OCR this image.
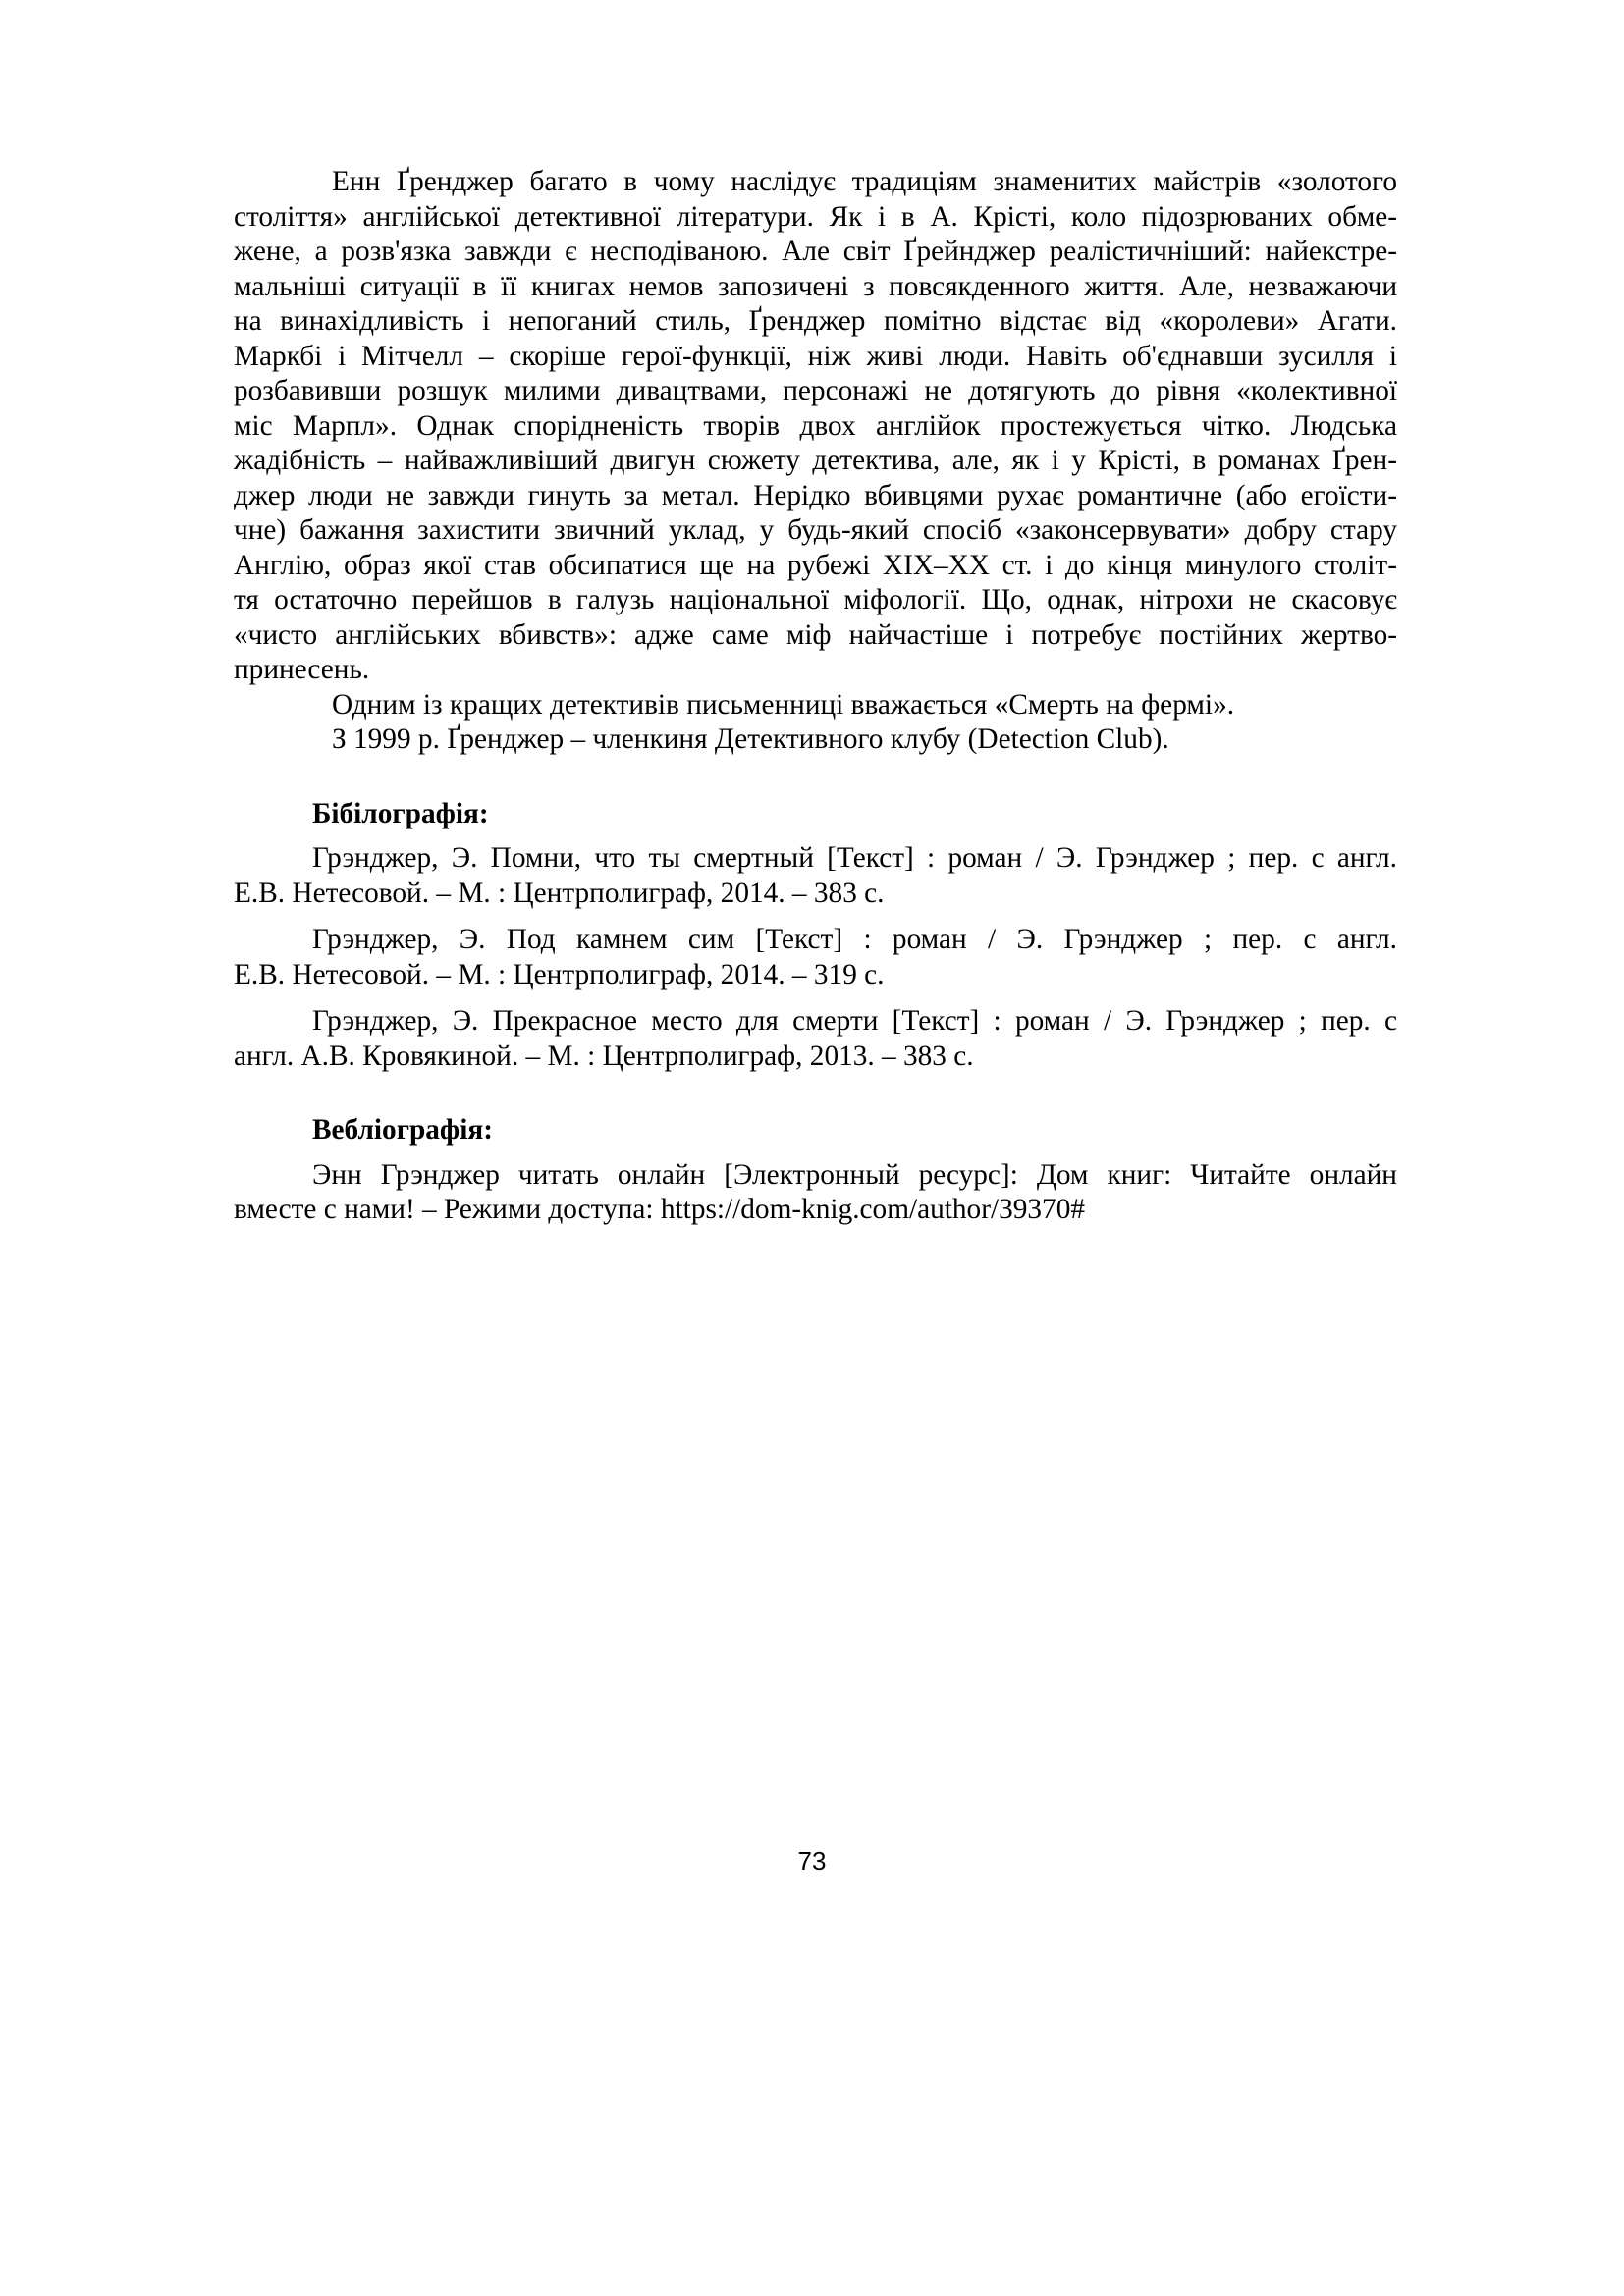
Енн Ґренджер багато в чому наслідує традиціям знаменитих майстрів «золотого
століття» англійської детективної літератури. Як і в А. Крісті, коло підозрюваних обме-
жене, а розв'язка завжди є несподіваною. Але світ Ґрейнджер реалістичніший: найекстре-
мальніші ситуації в її книгах немов запозичені з повсякденного життя. Але, незважаючи
на винахідливість і непоганий стиль, Ґренджер помітно відстає від «королеви» Агати.
Маркбі і Мітчелл – скоріше герої-функції, ніж живі люди. Навіть об'єднавши зусилля і
розбавивши розшук милими дивацтвами, персонажі не дотягують до рівня «колективної
міс Марпл». Однак спорідненість творів двох англійок простежується чітко. Людська
жадібність – найважливіший двигун сюжету детектива, але, як і у Крісті, в романах Ґрен-
джер люди не завжди гинуть за метал. Нерідко вбивцями рухає романтичне (або егоїсти-
чне) бажання захистити звичний уклад, у будь-який спосіб «законсервувати» добру стару
Англію, образ якої став обсипатися ще на рубежі XIX–XX ст. і до кінця минулого століт-
тя остаточно перейшов в галузь національної міфології. Що, однак, нітрохи не скасовує
«чисто англійських вбивств»: адже саме міф найчастіше і потребує постійних жертво-
принесень.

Одним із кращих детективів письменниці вважається «Смерть на фермі».

З 1999 р. Ґренджер – членкиня Детективного клубу (Detection Club).

Бібілографія:

Грэнджер, Э. Помни, что ты смертный [Текст] : роман / Э. Грэнджер ; пер. с англ.
Е.В. Нетесовой. – М. : Центрполиграф, 2014. – 383 с.
Грэнджер, Э. Под камнем сим [Текст] : роман / Э. Грэнджер ; пер. с англ.
Е.В. Нетесовой. – М. : Центрполиграф, 2014. – 319 с.
Грэнджер, Э. Прекрасное место для смерти [Текст] : роман / Э. Грэнджер ; пер. с
англ. А.В. Кровякиной. – М. : Центрполиграф, 2013. – 383 с.

Вебліографія:

Энн Грэнджер читать онлайн [Электронный ресурс]: Дом книг: Читайте онлайн
вместе с нами! – Режими доступа: https://dom-knig.com/author/39370#
73
